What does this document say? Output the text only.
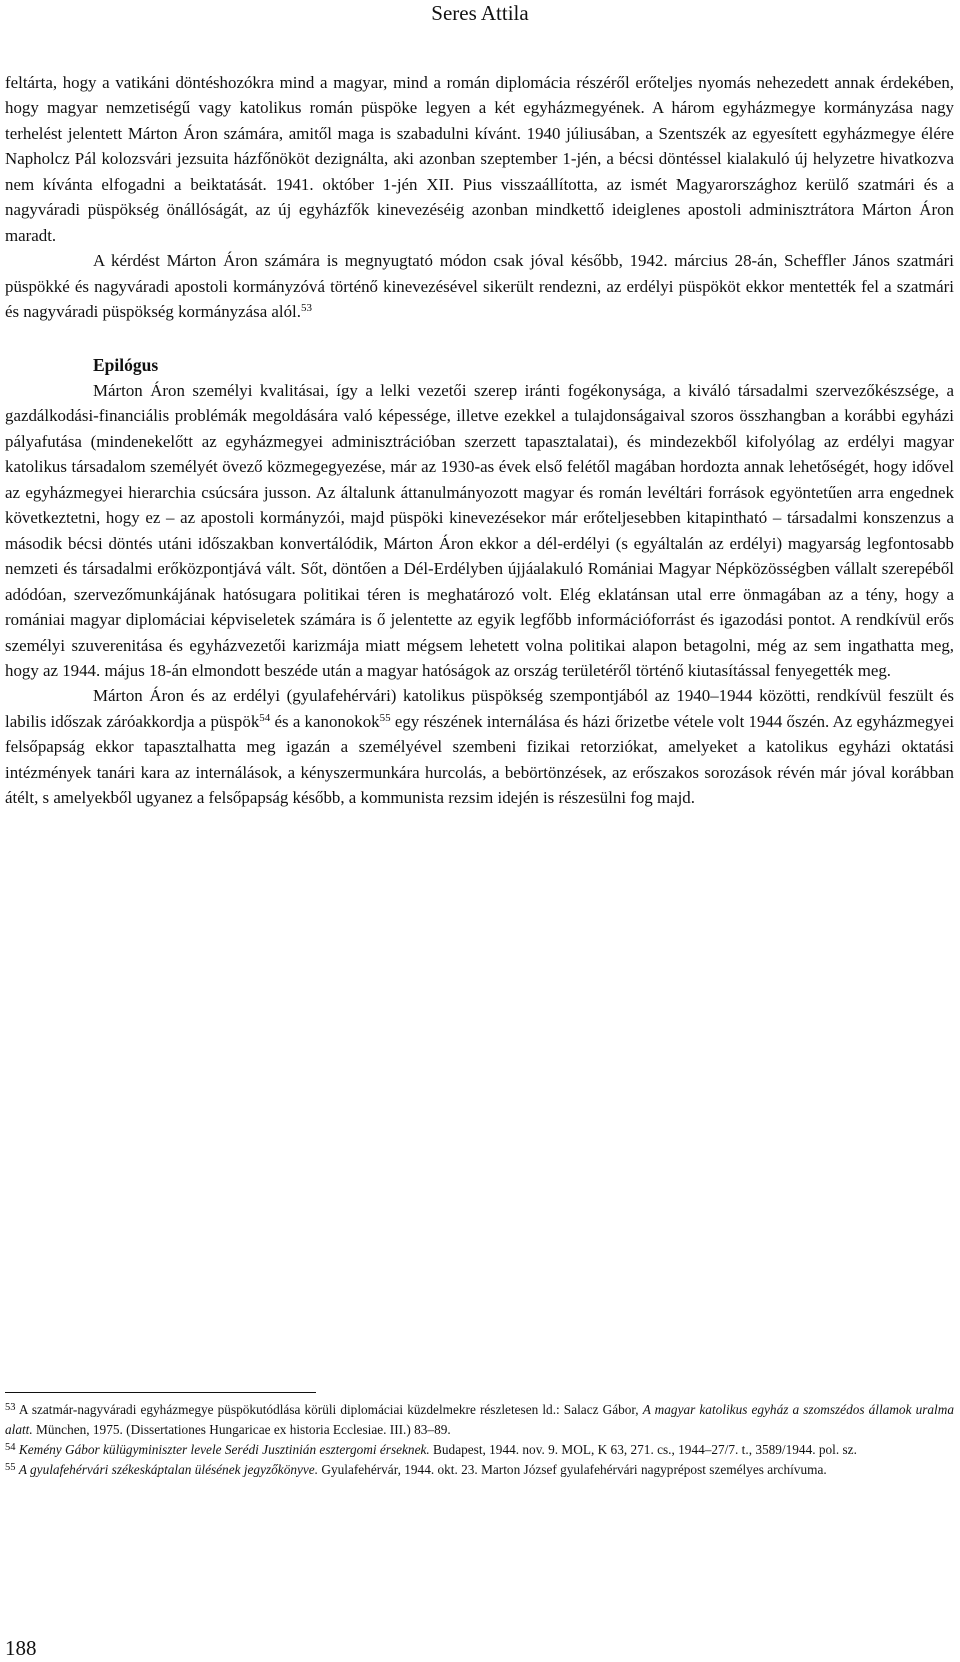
Seres Attila

feltárta, hogy a vatikáni döntéshozókra mind a magyar, mind a román diplomácia részéről erőteljes nyomás nehezedett annak érdekében, hogy magyar nemzetiségű vagy katolikus román püspöke legyen a két egyházmegyének. A három egyházmegye kormányzása nagy terhelést jelentett Márton Áron számára, amitől maga is szabadulni kívánt. 1940 júliusában, a Szentszék az egyesített egyházmegye élére Napholcz Pál kolozsvári jezsuita házfőnököt dezignálta, aki azonban szeptember 1-jén, a bécsi döntéssel kialakuló új helyzetre hivatkozva nem kívánta elfogadni a beiktatását. 1941. október 1-jén XII. Pius visszaállította, az ismét Magyarországhoz kerülő szatmári és a nagyváradi püspökség önállóságát, az új egyházfők kinevezéséig azonban mindkettő ideiglenes apostoli adminisztrátora Márton Áron maradt.

A kérdést Márton Áron számára is megnyugtató módon csak jóval később, 1942. március 28-án, Scheffler János szatmári püspökké és nagyváradi apostoli kormányzóvá történő kinevezésével sikerült rendezni, az erdélyi püspököt ekkor mentették fel a szatmári és nagyváradi püspökség kormányzása alól.$^{53}$

Epilógus

Márton Áron személyi kvalitásai, így a lelki vezetői szerep iránti fogékonysága, a kiváló társadalmi szervezőkészsége, a gazdálkodási-financiális problémák megoldására való képessége, illetve ezekkel a tulajdonságaival szoros összhangban a korábbi egyházi pályafutása (mindenekelőtt az egyházmegyei adminisztrációban szerzett tapasztalatai), és mindezekből kifolyólag az erdélyi magyar katolikus társadalom személyét övező közmegegyezése, már az 1930-as évek első felétől magában hordozta annak lehetőségét, hogy idővel az egyházmegyei hierarchia csúcsára jusson. Az általunk áttanulmányozott magyar és román levéltári források egyöntetűen arra engednek következtetni, hogy ez – az apostoli kormányzói, majd püspöki kinevezésekor már erőteljesebben kitapintható – társadalmi konszenzus a második bécsi döntés utáni időszakban konvertálódik, Márton Áron ekkor a dél-erdélyi (s egyáltalán az erdélyi) magyarság legfontosabb nemzeti és társadalmi erőközpontjává vált. Sőt, döntően a Dél-Erdélyben újjáalakuló Romániai Magyar Népközösségben vállalt szerepéből adódóan, szervezőmunkájának hatósugara politikai téren is meghatározó volt. Elég eklatánsan utal erre önmagában az a tény, hogy a romániai magyar diplomáciai képviseletek számára is ő jelentette az egyik legfőbb információforrást és igazodási pontot. A rendkívül erős személyi szuverenitása és egyházvezetői karizmája miatt mégsem lehetett volna politikai alapon betagolni, még az sem ingathatta meg, hogy az 1944. május 18-án elmondott beszéde után a magyar hatóságok az ország területéről történő kiutasítással fenyegették meg.

Márton Áron és az erdélyi (gyulafehérvári) katolikus püspökség szempontjából az 1940–1944 közötti, rendkívül feszült és labilis időszak záróakkordja a püspök$^{54}$ és a kanonokok$^{55}$ egy részének internálása és házi őrizetbe vétele volt 1944 őszén. Az egyházmegyei felsőpapság ekkor tapasztalhatta meg igazán a személyével szembeni fizikai retorziókat, amelyeket a katolikus egyházi oktatási intézmények tanári kara az internálások, a kényszermunkára hurcolás, a bebörtönzések, az erőszakos sorozások révén már jóval korábban átélt, s amelyekből ugyanez a felsőpapság később, a kommunista rezsim idején is részesülni fog majd.

$^{53}$ A szatmár-nagyváradi egyházmegye püspökutódlása körüli diplomáciai küzdelmekre részletesen ld.: Salacz Gábor, A magyar katolikus egyház a szomszédos államok uralma alatt. München, 1975. (Dissertationes Hungaricae ex historia Ecclesiae. III.) 83–89.

$^{54}$ Kemény Gábor külügyminiszter levele Serédi Jusztinián esztergomi érseknek. Budapest, 1944. nov. 9. MOL, K 63, 271. cs., 1944–27/7. t., 3589/1944. pol. sz.

$^{55}$ A gyulafehérvári székeskáptalan ülésének jegyzőkönyve. Gyulafehérvár, 1944. okt. 23. Marton József gyulafehérvári nagyprépost személyes archívuma.

188
